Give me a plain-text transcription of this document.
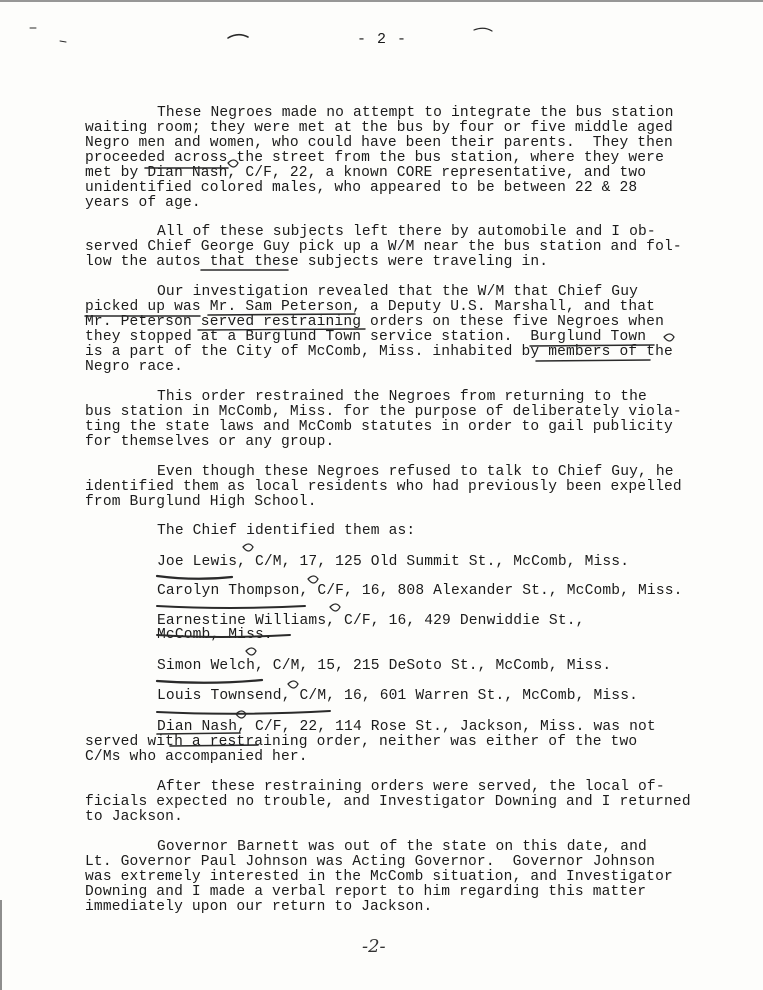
- 2 -
These Negroes made no attempt to integrate the bus station
waiting room; they were met at the bus by four or five middle aged
Negro men and women, who could have been their parents.  They then
proceeded across the street from the bus station, where they were
met by Dian Nash, C/F, 22, a known CORE representative, and two
unidentified colored males, who appeared to be between 22 & 28
years of age.
All of these subjects left there by automobile and I ob-
served Chief George Guy pick up a W/M near the bus station and fol-
low the autos that these subjects were traveling in.
Our investigation revealed that the W/M that Chief Guy
picked up was Mr. Sam Peterson, a Deputy U.S. Marshall, and that
Mr. Peterson served restraining orders on these five Negroes when
they stopped at a Burglund Town service station.  Burglund Town
is a part of the City of McComb, Miss. inhabited by members of the
Negro race.
This order restrained the Negroes from returning to the
bus station in McComb, Miss. for the purpose of deliberately viola-
ting the state laws and McComb statutes in order to gail publicity
for themselves or any group.
Even though these Negroes refused to talk to Chief Guy, he
identified them as local residents who had previously been expelled
from Burglund High School.
The Chief identified them as:
Joe Lewis, C/M, 17, 125 Old Summit St., McComb, Miss.
Carolyn Thompson, C/F, 16, 808 Alexander St., McComb, Miss.
Earnestine Williams, C/F, 16, 429 Denwiddie St.,
McComb, Miss.
Simon Welch, C/M, 15, 215 DeSoto St., McComb, Miss.
Louis Townsend, C/M, 16, 601 Warren St., McComb, Miss.
Dian Nash, C/F, 22, 114 Rose St., Jackson, Miss. was not
served with a restraining order, neither was either of the two
C/Ms who accompanied her.
After these restraining orders were served, the local of-
ficials expected no trouble, and Investigator Downing and I returned
to Jackson.
Governor Barnett was out of the state on this date, and
Lt. Governor Paul Johnson was Acting Governor.  Governor Johnson
was extremely interested in the McComb situation, and Investigator
Downing and I made a verbal report to him regarding this matter
immediately upon our return to Jackson.
-2-
